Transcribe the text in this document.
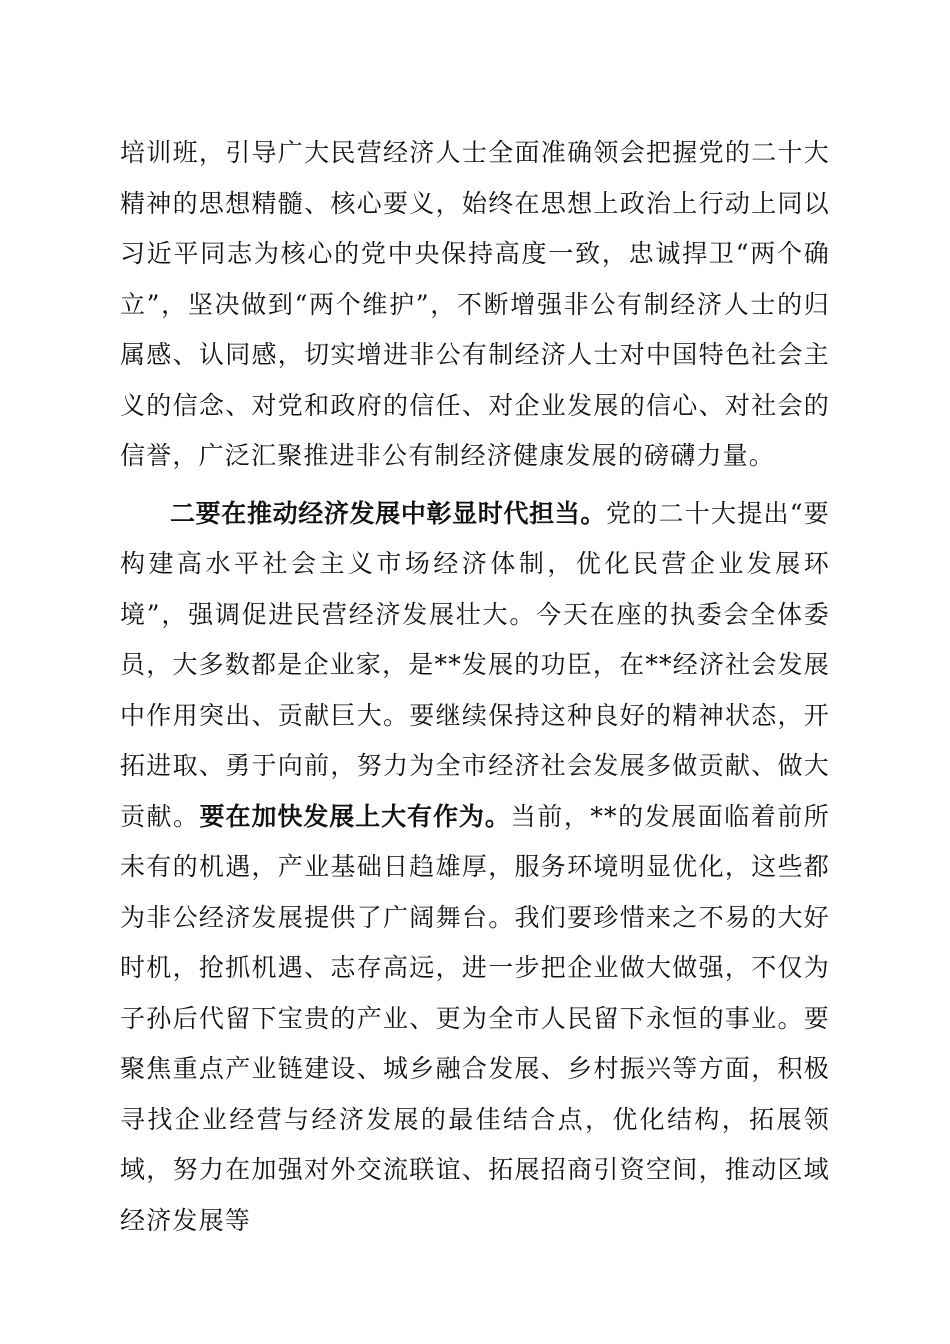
培训班，引导广大民营经济人士全面准确领会把握党的二十大精神的思想精髓、核心要义，始终在思想上政治上行动上同以习近平同志为核心的党中央保持高度一致，忠诚捍卫“两个确立”，坚决做到“两个维护”，不断增强非公有制经济人士的归属感、认同感，切实增进非公有制经济人士对中国特色社会主义的信念、对党和政府的信任、对企业发展的信心、对社会的信誉，广泛汇聚推进非公有制经济健康发展的磅礴力量。

二要在推动经济发展中彰显时代担当。党的二十大提出“要构建高水平社会主义市场经济体制，优化民营企业发展环境”，强调促进民营经济发展壮大。今天在座的执委会全体委员，大多数都是企业家，是**发展的功臣，在**经济社会发展中作用突出、贡献巨大。要继续保持这种良好的精神状态，开拓进取、勇于向前，努力为全市经济社会发展多做贡献、做大贡献。要在加快发展上大有作为。当前，**的发展面临着前所未有的机遇，产业基础日趋雄厚，服务环境明显优化，这些都为非公经济发展提供了广阔舞台。我们要珍惜来之不易的大好时机，抢抓机遇、志存高远，进一步把企业做大做强，不仅为子孙后代留下宝贵的产业、更为全市人民留下永恒的事业。要聚焦重点产业链建设、城乡融合发展、乡村振兴等方面，积极寻找企业经营与经济发展的最佳结合点，优化结构，拓展领域，努力在加强对外交流联谊、拓展招商引资空间，推动区域经济发展等
